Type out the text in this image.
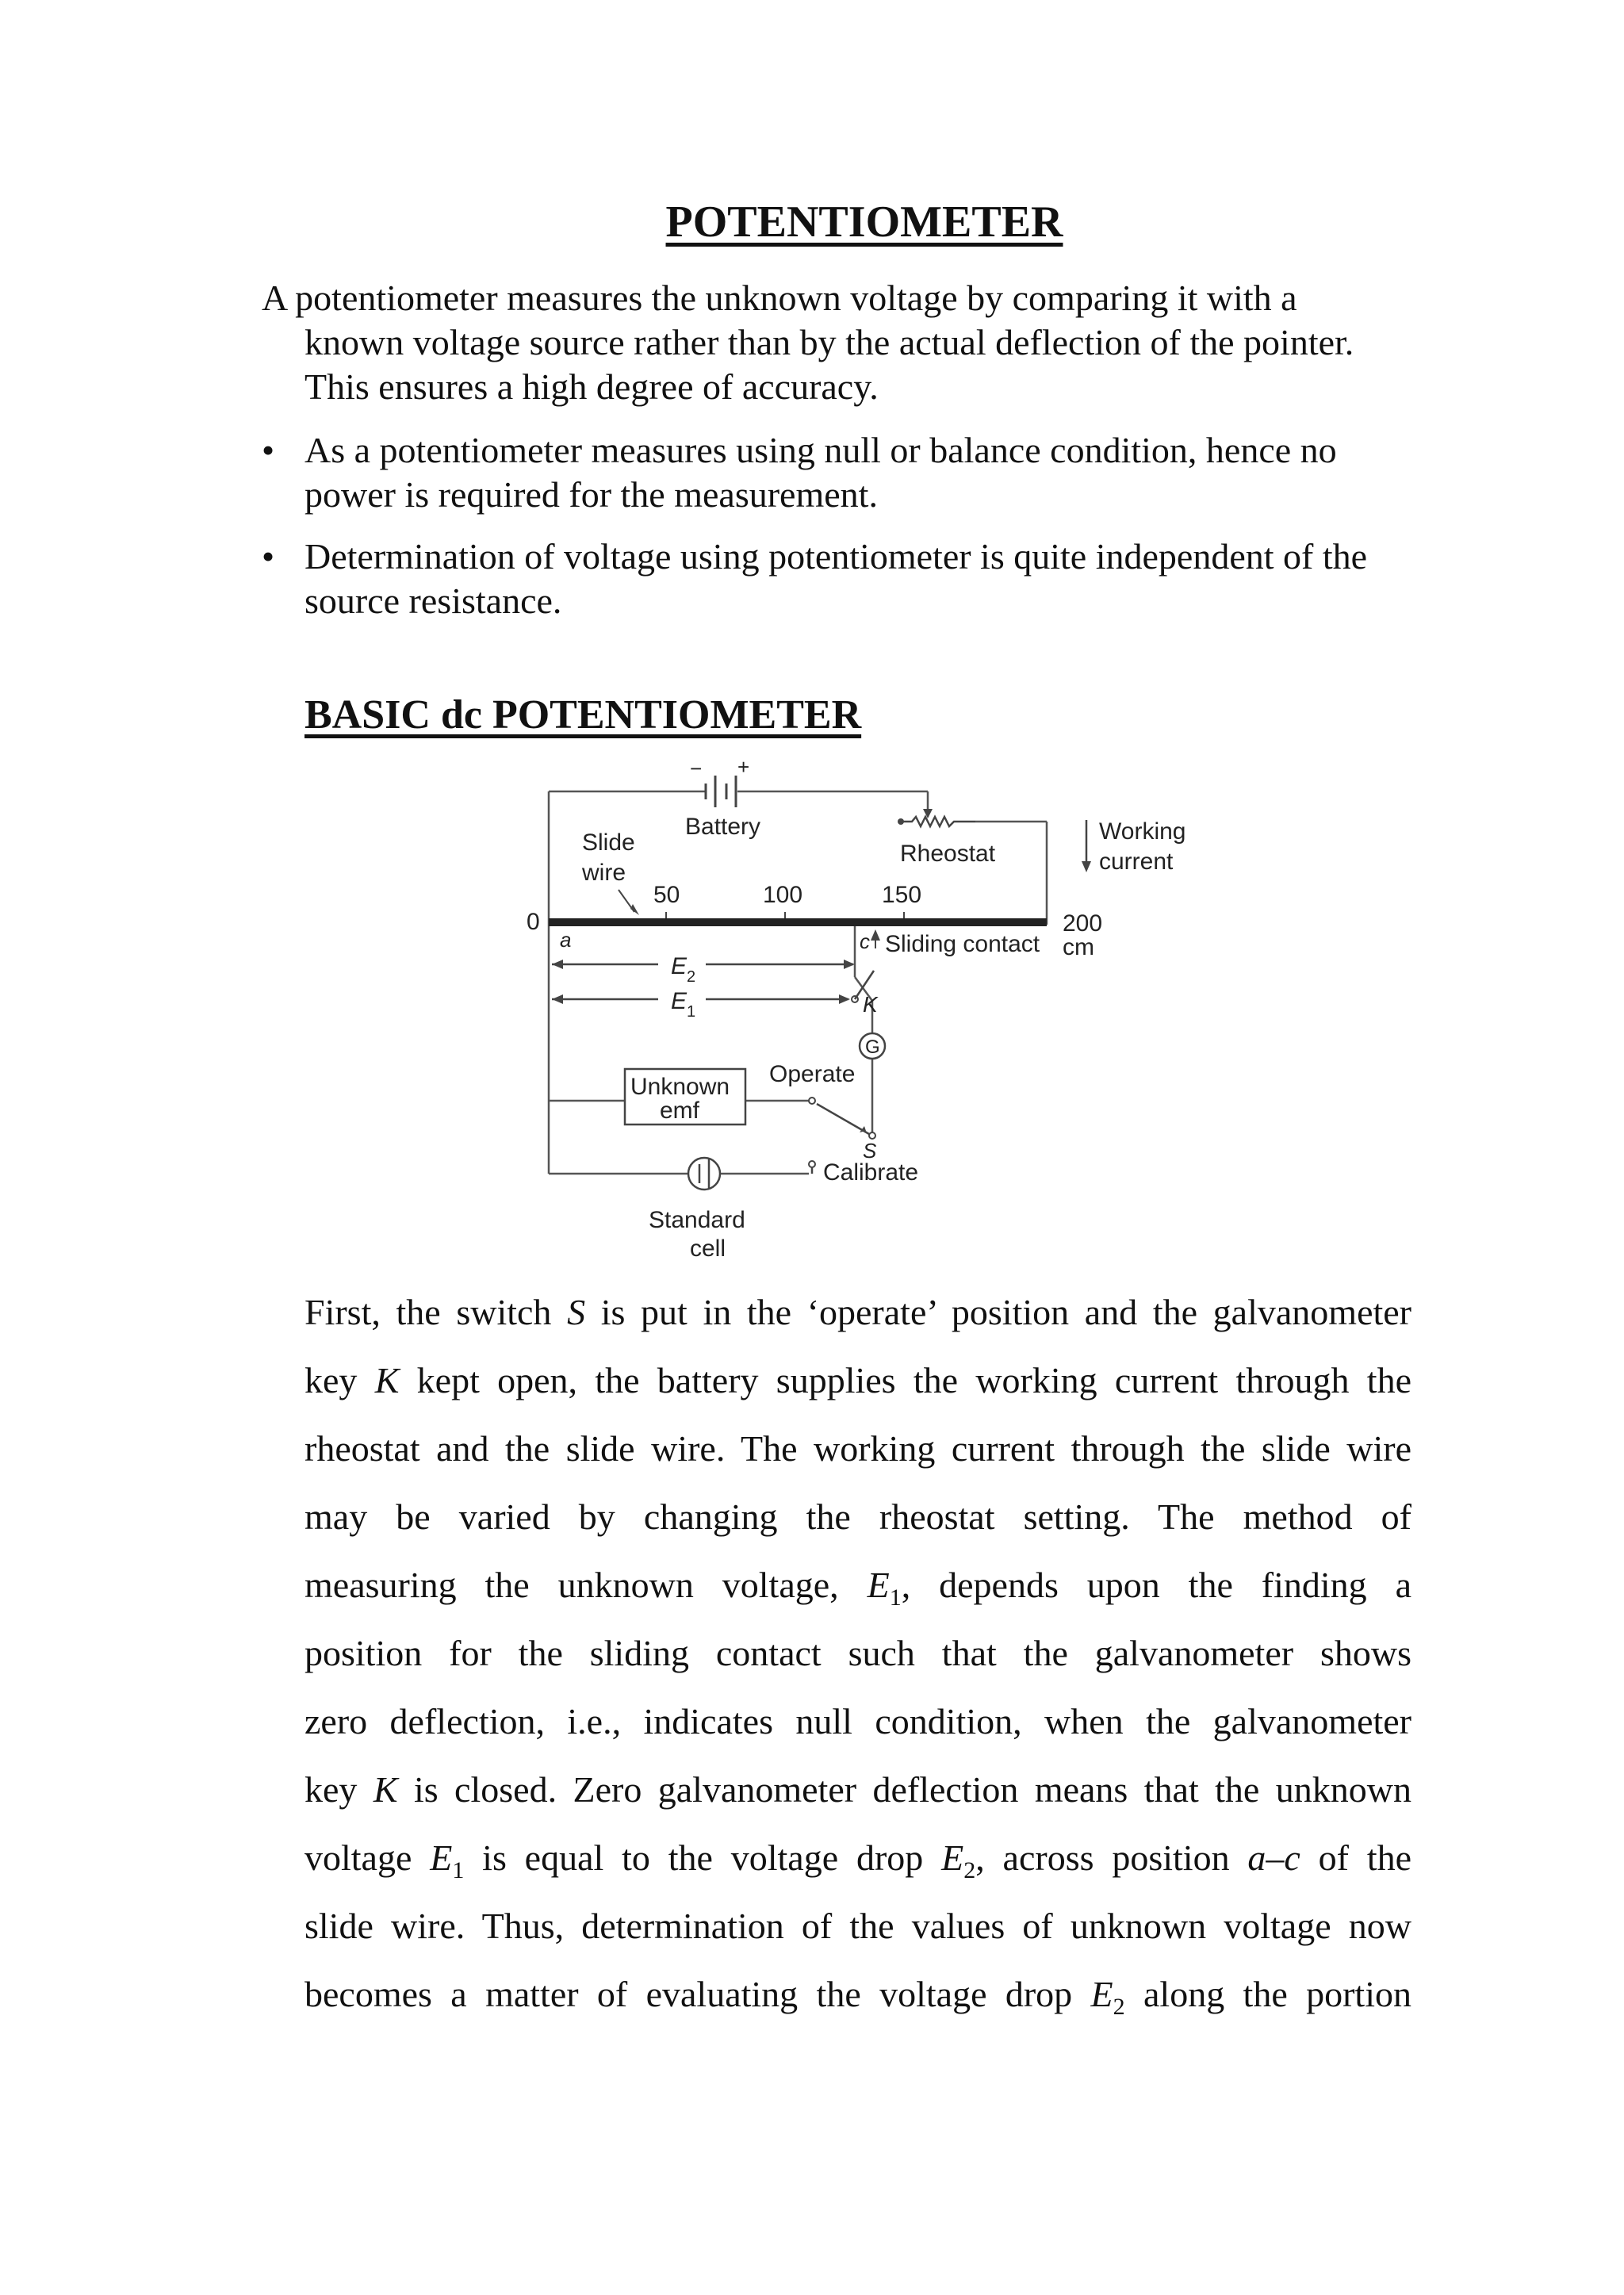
POTENTIOMETER

A potentiometer measures the unknown voltage by comparing it with a known voltage source rather than by the actual deflection of the pointer. This ensures a high degree of accuracy.

• As a potentiometer measures using null or balance condition, hence no power is required for the measurement.
• Determination of voltage using potentiometer is quite independent of the source resistance.
BASIC dc POTENTIOMETER
− +
Battery
Rheostat
Working
current
Slide
wire
0
50	100	150
200
cm
a	c Sliding contact
E 2
E 1	K
G
Unknown
emf
Operate
S
Calibrate
Standard
cell
First, the switch S is put in the ‘operate’ position and the galvanometer
key K kept open, the battery supplies the working current through the
rheostat and the slide wire. The working current through the slide wire
may be varied by changing the rheostat setting. The method of
measuring the unknown voltage, $E_1$, depends upon the finding a
position for the sliding contact such that the galvanometer shows
zero deflection, i.e., indicates null condition, when the galvanometer
key K is closed. Zero galvanometer deflection means that the unknown
voltage $E_1$ is equal to the voltage drop $E_2$, across position a–c of the
slide wire. Thus, determination of the values of unknown voltage now
becomes a matter of evaluating the voltage drop $E_2$ along the portion
